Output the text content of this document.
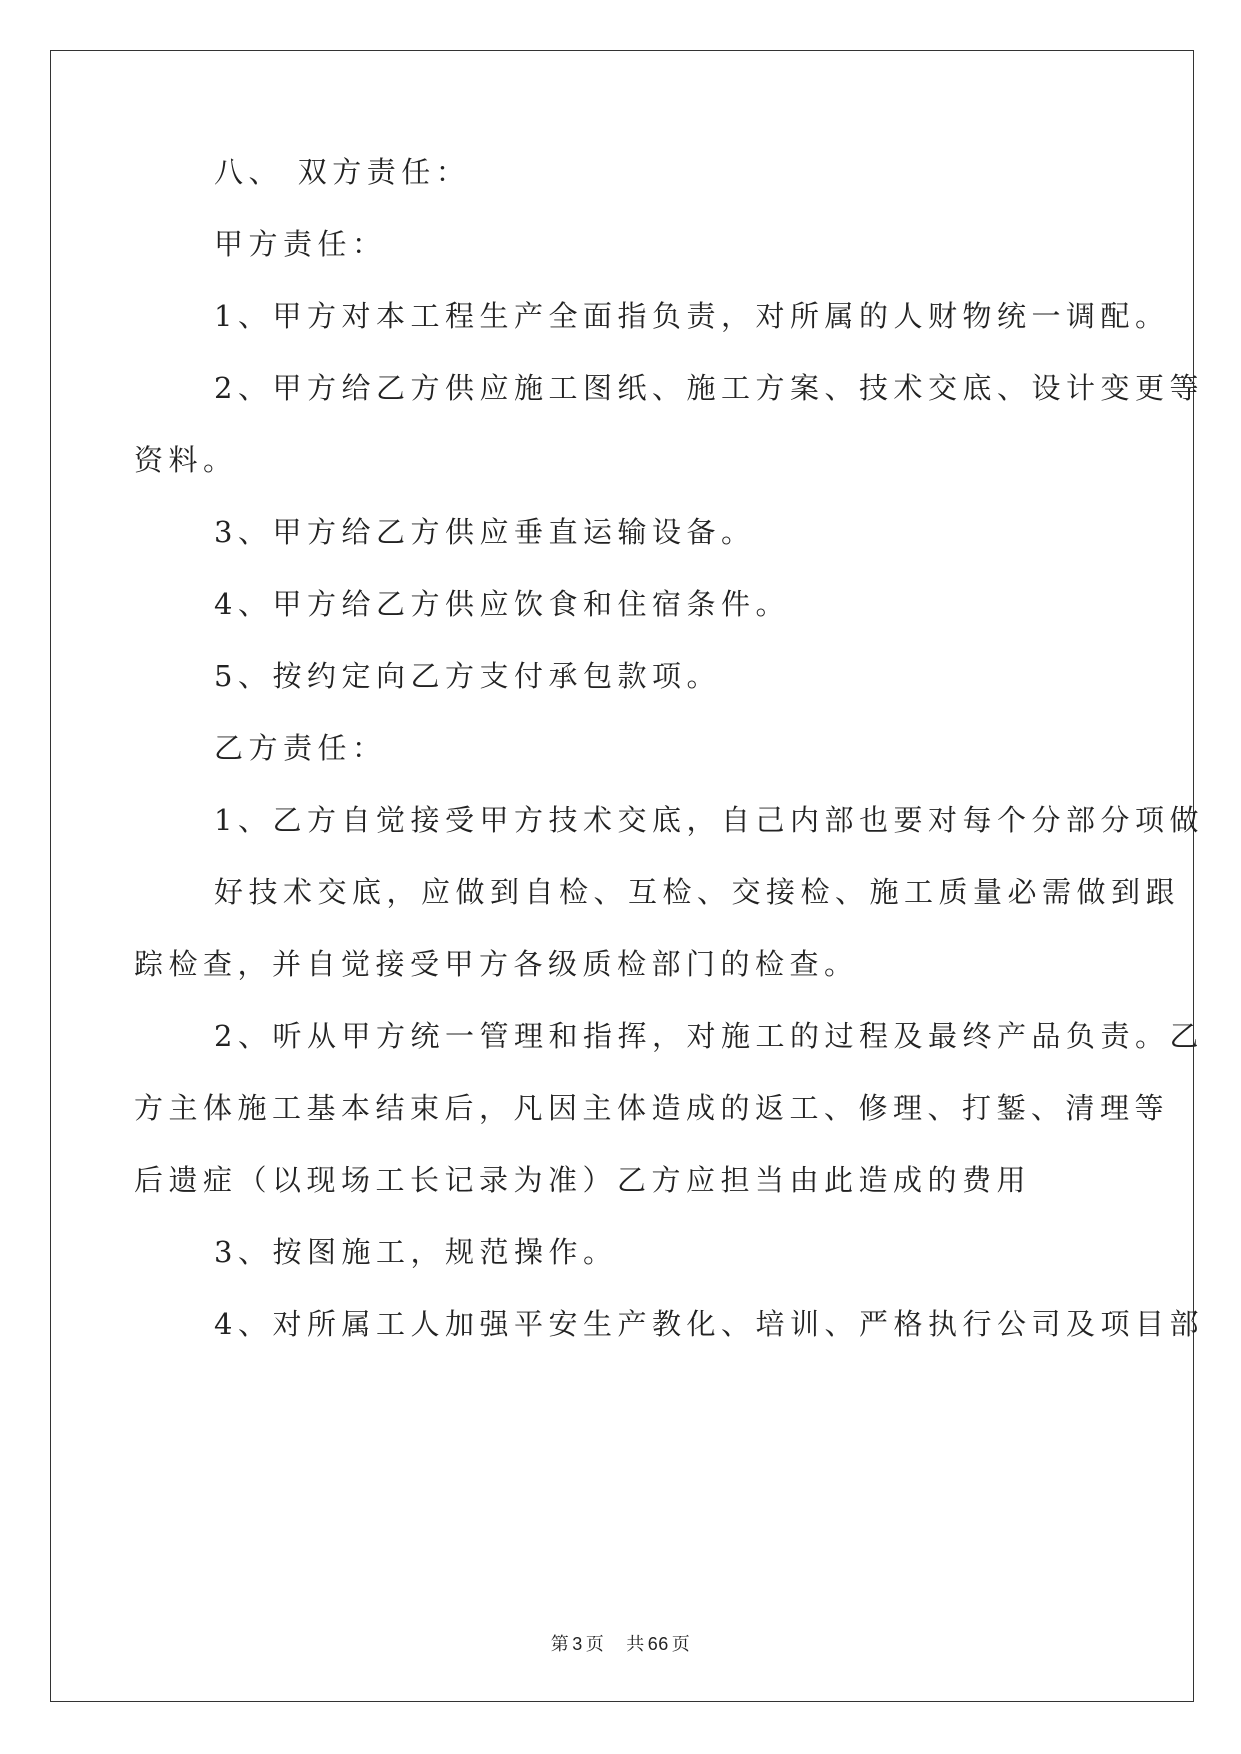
八、 双方责任：
甲方责任：
1、甲方对本工程生产全面指负责，对所属的人财物统一调配。
2、甲方给乙方供应施工图纸、施工方案、技术交底、设计变更等
资料。
3、甲方给乙方供应垂直运输设备。
4、甲方给乙方供应饮食和住宿条件。
5、按约定向乙方支付承包款项。
乙方责任：
1、乙方自觉接受甲方技术交底，自己内部也要对每个分部分项做
好技术交底，应做到自检、互检、交接检、施工质量必需做到跟
踪检查，并自觉接受甲方各级质检部门的检查。
2、听从甲方统一管理和指挥，对施工的过程及最终产品负责。乙
方主体施工基本结束后，凡因主体造成的返工、修理、打錾、清理等
后遗症（以现场工长记录为准）乙方应担当由此造成的费用
3、按图施工，规范操作。
4、对所属工人加强平安生产教化、培训、严格执行公司及项目部
第 3 页 共 66 页
